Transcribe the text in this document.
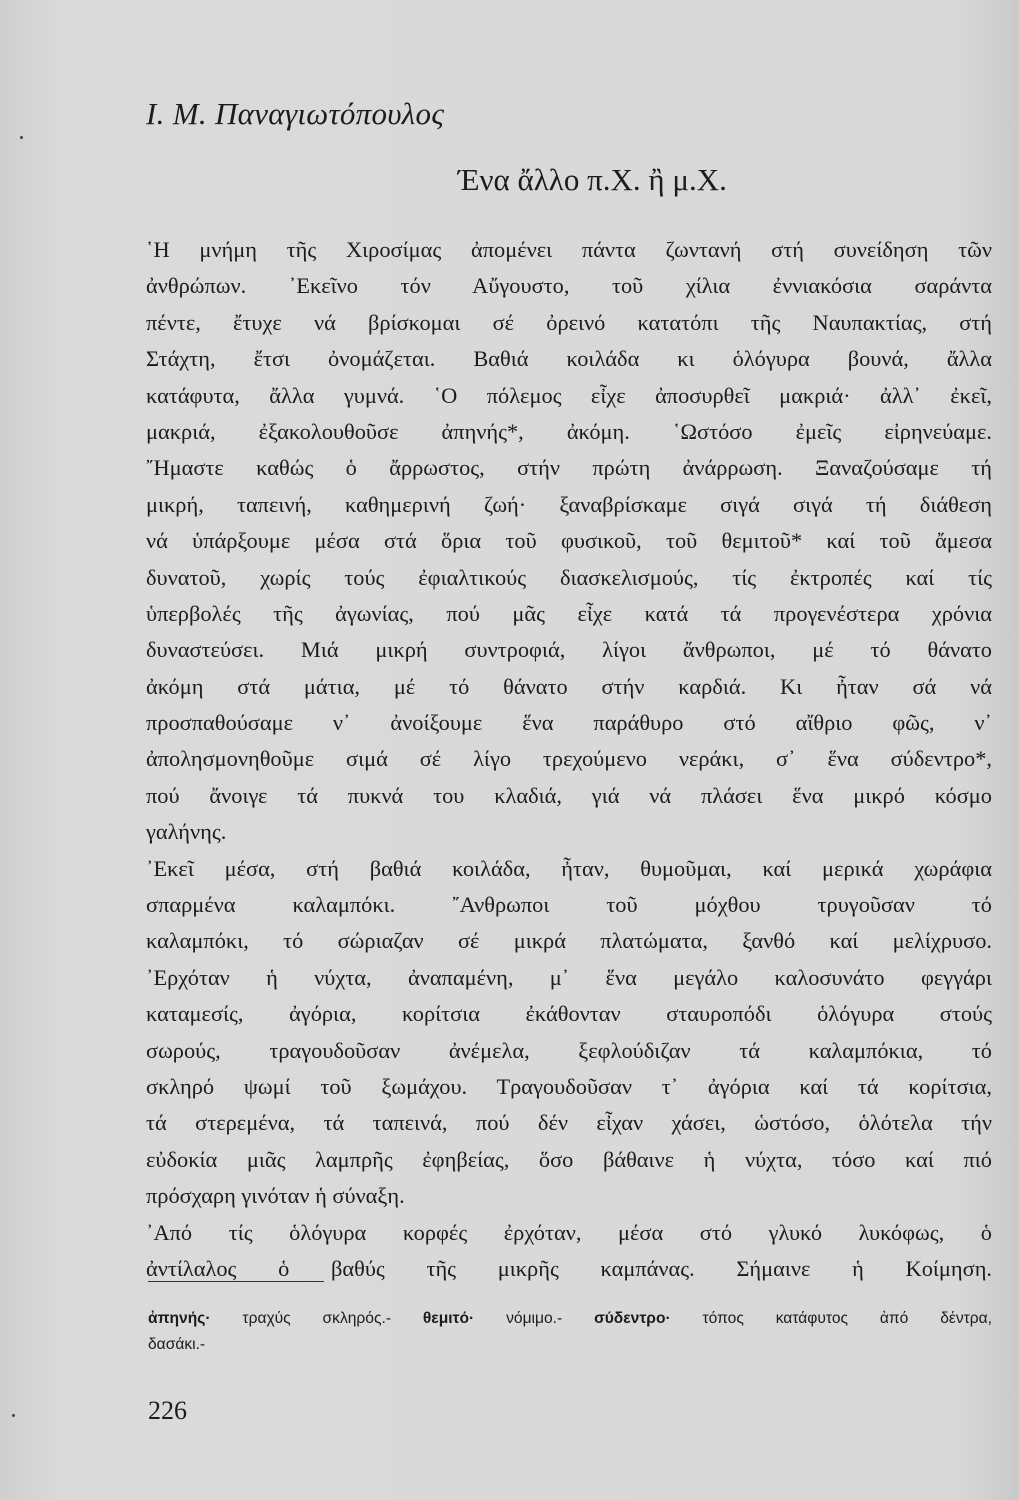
Ι. Μ. Παναγιωτόπουλος
Ένα ἄλλο π.Χ. ἢ μ.Χ.
῾Η μνήμη τῆς Χιροσίμας ἀπομένει πάντα ζωντανή στή συνείδηση τῶν
ἀνθρώπων. ᾿Εκεῖνο τόν Αὔγουστο, τοῦ χίλια ἐννιακόσια σαράντα
πέντε, ἔτυχε νά βρίσκομαι σέ ὀρεινό κατατόπι τῆς Ναυπακτίας, στή
Στάχτη, ἔτσι ὀνομάζεται. Βαθιά κοιλάδα κι ὁλόγυρα βουνά, ἄλλα
κατάφυτα, ἄλλα γυμνά. ῾Ο πόλεμος εἶχε ἀποσυρθεῖ μακριά· ἀλλ᾿ ἐκεῖ,
μακριά, ἐξακολουθοῦσε ἀπηνής*, ἀκόμη. ῾Ωστόσο ἐμεῖς εἰρηνεύαμε.
῎Ημαστε καθώς ὁ ἄρρωστος, στήν πρώτη ἀνάρρωση. Ξαναζούσαμε τή
μικρή, ταπεινή, καθημερινή ζωή· ξαναβρίσκαμε σιγά σιγά τή διάθεση
νά ὑπάρξουμε μέσα στά ὅρια τοῦ φυσικοῦ, τοῦ θεμιτοῦ* καί τοῦ ἄμεσα
δυνατοῦ, χωρίς τούς ἐφιαλτικούς διασκελισμούς, τίς ἐκτροπές καί τίς
ὑπερβολές τῆς ἀγωνίας, πού μᾶς εἶχε κατά τά προγενέστερα χρόνια
δυναστεύσει. Μιά μικρή συντροφιά, λίγοι ἄνθρωποι, μέ τό θάνατο
ἀκόμη στά μάτια, μέ τό θάνατο στήν καρδιά. Κι ἦταν σά νά
προσπαθούσαμε ν᾿ ἀνοίξουμε ἕνα παράθυρο στό αἴθριο φῶς, ν᾿
ἀπολησμονηθοῦμε σιμά σέ λίγο τρεχούμενο νεράκι, σ᾿ ἕνα σύδεντρο*,
πού ἄνοιγε τά πυκνά του κλαδιά, γιά νά πλάσει ἕνα μικρό κόσμο
γαλήνης.
᾿Εκεῖ μέσα, στή βαθιά κοιλάδα, ἦταν, θυμοῦμαι, καί μερικά χωράφια
σπαρμένα καλαμπόκι. ῎Ανθρωποι τοῦ μόχθου τρυγοῦσαν τό
καλαμπόκι, τό σώριαζαν σέ μικρά πλατώματα, ξανθό καί μελίχρυσο.
᾿Ερχόταν ἡ νύχτα, ἀναπαμένη, μ᾿ ἕνα μεγάλο καλοσυνάτο φεγγάρι
καταμεσίς, ἀγόρια, κορίτσια ἐκάθονταν σταυροπόδι ὁλόγυρα στούς
σωρούς, τραγουδοῦσαν ἀνέμελα, ξεφλούδιζαν τά καλαμπόκια, τό
σκληρό ψωμί τοῦ ξωμάχου. Τραγουδοῦσαν τ᾿ ἀγόρια καί τά κορίτσια,
τά στερεμένα, τά ταπεινά, πού δέν εἶχαν χάσει, ὡστόσο, ὁλότελα τήν
εὐδοκία μιᾶς λαμπρῆς ἐφηβείας, ὅσο βάθαινε ἡ νύχτα, τόσο καί πιό
πρόσχαρη γινόταν ἡ σύναξη.
᾿Από τίς ὁλόγυρα κορφές ἐρχόταν, μέσα στό γλυκό λυκόφως, ὁ
ἀντίλαλος ὁ βαθύς τῆς μικρῆς καμπάνας. Σήμαινε ἡ Κοίμηση.
ἀπηνής· τραχύς σκληρός.- θεμιτό· νόμιμο.- σύδεντρο· τόπος κατάφυτος ἀπό δέντρα,
δασάκι.-
226
